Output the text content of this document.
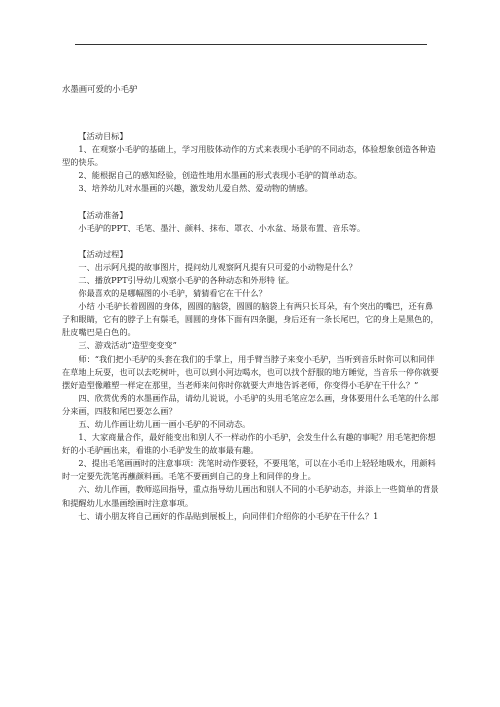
水墨画可爱的小毛驴

【活动目标】

1、在观察小毛驴的基础上，学习用肢体动作的方式来表现小毛驴的不同动态，体验想象创造各种造型的快乐。

2、能根据自己的感知经验，创造性地用水墨画的形式表现小毛驴的简单动态。

3、培养幼儿对水墨画的兴趣，激发幼儿爱自然、爱动物的情感。

【活动准备】

小毛驴的PPT、毛笔、墨汁、颜料、抹布、罩衣、小水盆、场景布置、音乐等。

【活动过程】

一、出示阿凡提的故事图片，提问幼儿观察阿凡提有只可爱的小动物是什么？

二、播放PPT引导幼儿观察小毛驴的各种动态和外形特 征。

你最喜欢的是哪幅图的小毛驴，猜猜看它在干什么？

小结 小毛驴长着圆圆的身体，圆圆的脑袋，圆圆的脑袋上有两只长耳朵，有个突出的嘴巴，还有鼻子和眼睛，它有的脖子上有鬃毛，圆圆的身体下面有四条腿，身后还有一条长尾巴，它的身上是黑色的，肚皮嘴巴是白色的。

三、游戏活动“造型变变变”

师：“我们把小毛驴的头套在我们的手掌上，用手臂当脖子来变小毛驴，当听到音乐时你可以和同伴在草地上玩耍，也可以去吃树叶，也可以到小河边喝水，也可以找个舒服的地方睡觉，当音乐一停你就要摆好造型像雕塑一样定在那里，当老师来问你时你就要大声地告诉老师，你变得小毛驴在干什么？”

四、欣赏优秀的水墨画作品，请幼儿说说，小毛驴的头用毛笔应怎么画，身体要用什么毛笔的什么部分来画，四肢和尾巴要怎么画？

五、幼儿作画让幼儿画一画小毛驴的不同动态。

1、大家商量合作，最好能变出和别人不一样动作的小毛驴，会发生什么有趣的事呢？用毛笔把你想好的小毛驴画出来，看谁的小毛驴发生的故事最有趣。

2、提出毛笔画画时的注意事项：洗笔时动作要轻，不要甩笔，可以在小毛巾上轻轻地吸水，用颜料时一定要先洗笔再蘸颜料画。毛笔不要画到自己的身上和同伴的身上。

六、幼儿作画，教师巡回指导，重点指导幼儿画出和别人不同的小毛驴动态，并添上一些简单的背景和提醒幼儿水墨画绘画时注意事项。

七、请小朋友将自己画好的作品贴到展板上，向同伴们介绍你的小毛驴在干什么？1
